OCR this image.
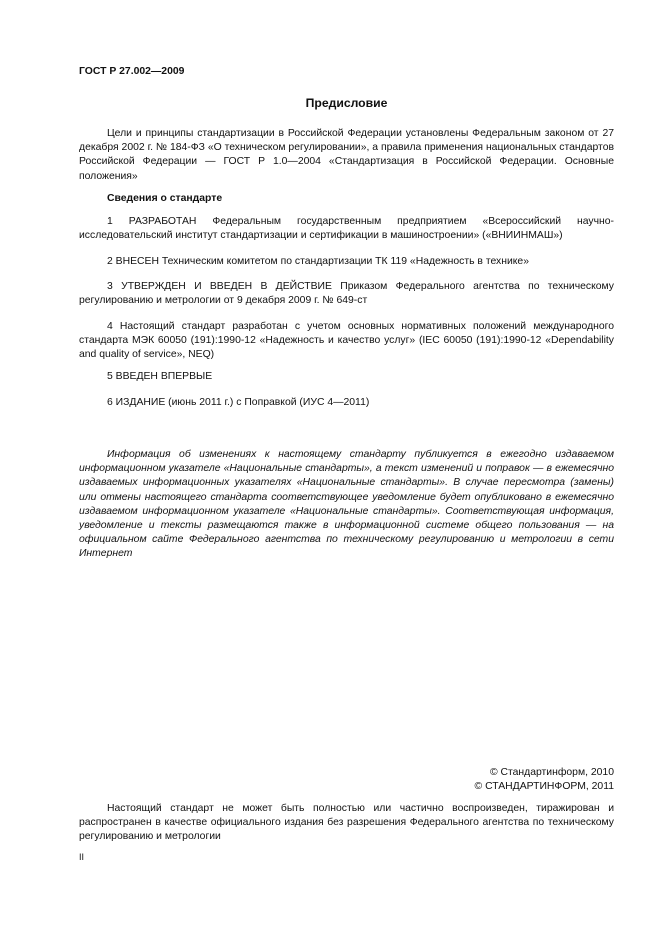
ГОСТ Р 27.002—2009
Предисловие
Цели и принципы стандартизации в Российской Федерации установлены Федеральным законом от 27 декабря 2002 г. № 184-ФЗ «О техническом регулировании», а правила применения национальных стандартов Российской Федерации — ГОСТ Р 1.0—2004 «Стандартизация в Российской Федерации. Основные положения»
Сведения о стандарте
1 РАЗРАБОТАН Федеральным государственным предприятием «Всероссийский научно-исследовательский институт стандартизации и сертификации в машиностроении» («ВНИИНМАШ»)
2 ВНЕСЕН Техническим комитетом по стандартизации ТК 119 «Надежность в технике»
3 УТВЕРЖДЕН И ВВЕДЕН В ДЕЙСТВИЕ Приказом Федерального агентства по техническому регулированию и метрологии от 9 декабря 2009 г. № 649-ст
4 Настоящий стандарт разработан с учетом основных нормативных положений международного стандарта МЭК 60050 (191):1990-12 «Надежность и качество услуг» (IEC 60050 (191):1990-12 «Dependability and quality of service», NEQ)
5 ВВЕДЕН ВПЕРВЫЕ
6 ИЗДАНИЕ (июнь 2011 г.) с Поправкой (ИУС 4—2011)
Информация об изменениях к настоящему стандарту публикуется в ежегодно издаваемом информационном указателе «Национальные стандарты», а текст изменений и поправок — в ежемесячно издаваемых информационных указателях «Национальные стандарты». В случае пересмотра (замены) или отмены настоящего стандарта соответствующее уведомление будет опубликовано в ежемесячно издаваемом информационном указателе «Национальные стандарты». Соответствующая информация, уведомление и тексты размещаются также в информационной системе общего пользования — на официальном сайте Федерального агентства по техническому регулированию и метрологии в сети Интернет
© Стандартинформ, 2010
© СТАНДАРТИНФОРМ, 2011
Настоящий стандарт не может быть полностью или частично воспроизведен, тиражирован и распространен в качестве официального издания без разрешения Федерального агентства по техническому регулированию и метрологии
II
